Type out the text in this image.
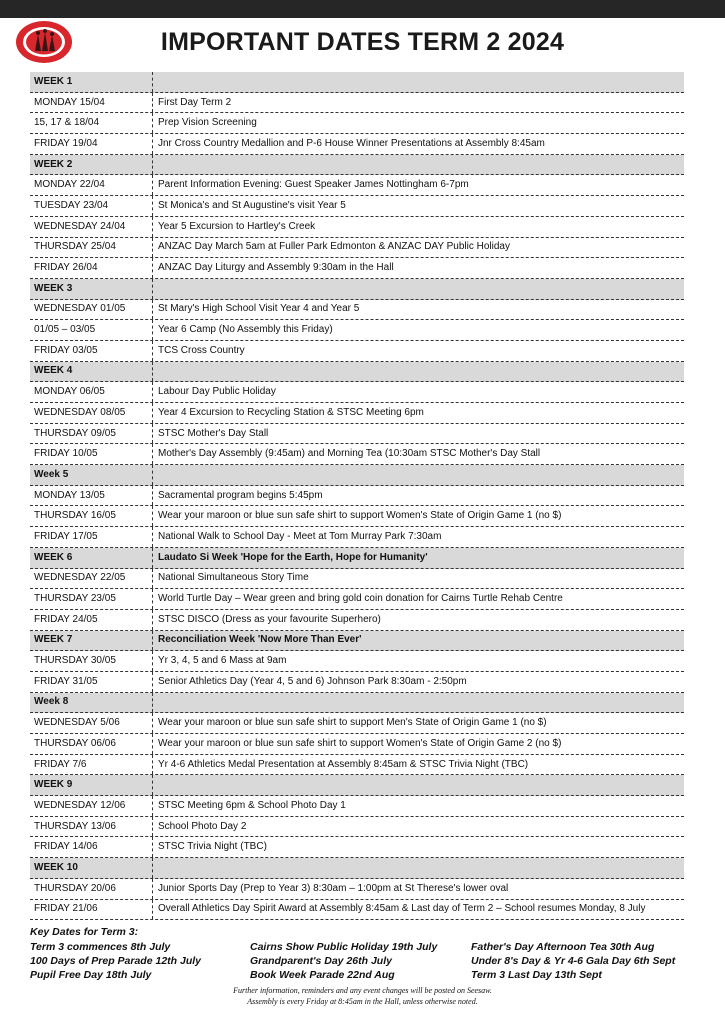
IMPORTANT DATES TERM 2 2024
WEEK 1
MONDAY 15/04	First Day Term 2
15, 17 & 18/04	Prep Vision Screening
FRIDAY 19/04	Jnr Cross Country Medallion and P-6 House Winner Presentations at Assembly 8:45am
WEEK 2
MONDAY 22/04	Parent Information Evening: Guest Speaker James Nottingham 6-7pm
TUESDAY 23/04	St Monica's and St Augustine's visit Year 5
WEDNESDAY 24/04	Year 5 Excursion to Hartley's Creek
THURSDAY 25/04	ANZAC Day March 5am at Fuller Park Edmonton & ANZAC DAY Public Holiday
FRIDAY 26/04	ANZAC Day Liturgy and Assembly 9:30am in the Hall
WEEK 3
WEDNESDAY 01/05	St Mary's High School Visit Year 4 and Year 5
01/05 – 03/05	Year 6 Camp (No Assembly this Friday)
FRIDAY 03/05	TCS Cross Country
WEEK 4
MONDAY 06/05	Labour Day Public Holiday
WEDNESDAY 08/05	Year 4 Excursion to Recycling Station & STSC Meeting 6pm
THURSDAY 09/05	STSC Mother's Day Stall
FRIDAY 10/05	Mother's Day Assembly (9:45am) and Morning Tea (10:30am STSC Mother's Day Stall
Week 5
MONDAY 13/05	Sacramental program begins 5:45pm
THURSDAY 16/05	Wear your maroon or blue sun safe shirt to support Women's State of Origin Game 1 (no $)
FRIDAY 17/05	National Walk to School Day - Meet at Tom Murray Park 7:30am
WEEK 6	Laudato Si Week 'Hope for the Earth, Hope for Humanity'
WEDNESDAY 22/05	National Simultaneous Story Time
THURSDAY 23/05	World Turtle Day – Wear green and bring gold coin donation for Cairns Turtle Rehab Centre
FRIDAY 24/05	STSC DISCO (Dress as your favourite Superhero)
WEEK 7	Reconciliation Week 'Now More Than Ever'
THURSDAY 30/05	Yr 3, 4, 5 and 6 Mass at 9am
FRIDAY 31/05	Senior Athletics Day (Year 4, 5 and 6) Johnson Park 8:30am - 2:50pm
Week 8
WEDNESDAY 5/06	Wear your maroon or blue sun safe shirt to support Men's State of Origin Game 1 (no $)
THURSDAY 06/06	Wear your maroon or blue sun safe shirt to support Women's State of Origin Game 2 (no $)
FRIDAY 7/6	Yr 4-6 Athletics Medal Presentation at Assembly 8:45am & STSC Trivia Night (TBC)
WEEK 9
WEDNESDAY 12/06	STSC Meeting 6pm & School Photo Day 1
THURSDAY 13/06	School Photo Day 2
FRIDAY 14/06	STSC Trivia Night (TBC)
WEEK 10
THURSDAY 20/06	Junior Sports Day (Prep to Year 3) 8:30am – 1:00pm at St Therese's lower oval
FRIDAY 21/06	Overall Athletics Day Spirit Award at Assembly 8:45am & Last day of Term 2 – School resumes Monday, 8 July
Key Dates for Term 3:
Term 3 commences 8th July	Cairns Show Public Holiday 19th July	Father's Day Afternoon Tea 30th Aug
100 Days of Prep Parade 12th July	Grandparent's Day 26th July	Under 8's Day & Yr 4-6 Gala Day 6th Sept
Pupil Free Day 18th July	Book Week Parade 22nd Aug	Term 3 Last Day 13th Sept
Further information, reminders and any event changes will be posted on Seesaw.
Assembly is every Friday at 8:45am in the Hall, unless otherwise noted.
